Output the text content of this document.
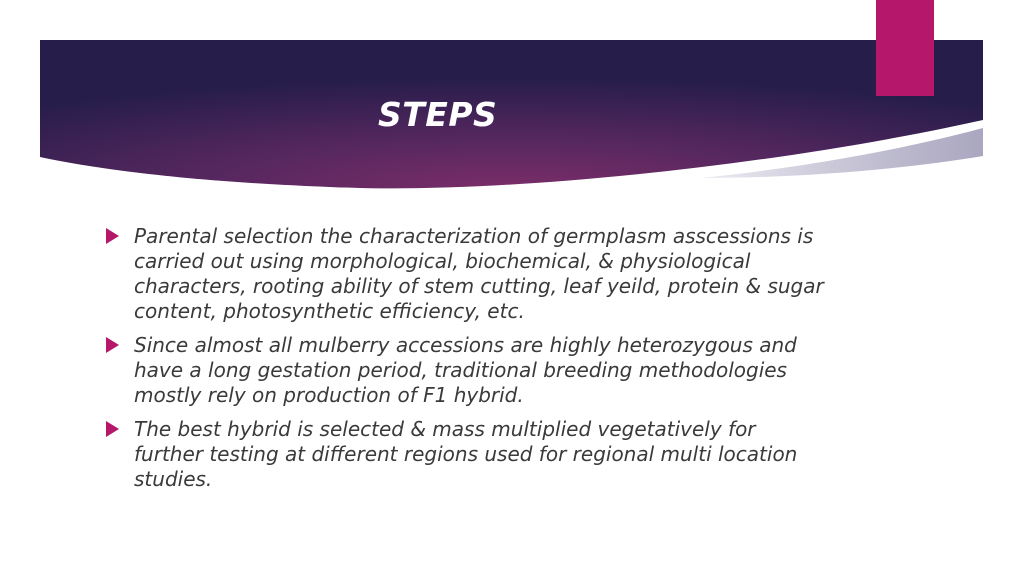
STEPS
Parental selection the characterization of germplasm asscessions is carried out using morphological, biochemical, & physiological characters, rooting ability of stem cutting, leaf yeild, protein & sugar content, photosynthetic efficiency, etc.
Since almost all mulberry accessions are highly heterozygous and have a long gestation period, traditional breeding methodologies mostly rely on production of F1 hybrid.
The best hybrid is selected & mass multiplied vegetatively for further testing at different regions used for regional multi location studies.
